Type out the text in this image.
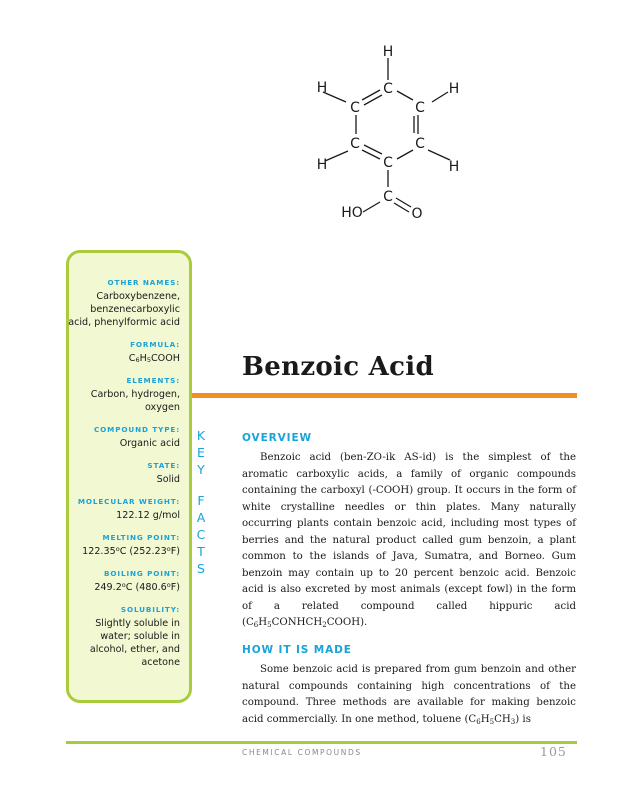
H
H	H
H	H
C
C	C
C	C
C
C
HO	O
OTHER NAMES:
Carboxybenzene, benzenecarboxylic acid, phenylformic acid
FORMULA:
$C_6H_5COOH$
ELEMENTS:
Carbon, hydrogen, oxygen
COMPOUND TYPE:
Organic acid
STATE:
Solid
MOLECULAR WEIGHT:
122.12 g/mol
MELTING POINT:
122.35$^o$C (252.23$^o$F)
BOILING POINT:
249.2$^o$C (480.6$^o$F)
SOLUBILITY:
Slightly soluble in water; soluble in alcohol, ether, and acetone
K
E
Y
F
A
C
T
S
Benzoic Acid
OVERVIEW

Benzoic acid (ben-ZO-ik AS-id) is the simplest of the aromatic carboxylic acids, a family of organic compounds containing the carboxyl (-COOH) group. It occurs in the form of white crystalline needles or thin plates. Many naturally occurring plants contain benzoic acid, including most types of berries and the natural product called gum benzoin, a plant common to the islands of Java, Sumatra, and Borneo. Gum benzoin may contain up to 20 percent benzoic acid. Benzoic acid is also excreted by most animals (except fowl) in the form of a related compound called hippuric acid $(C_6H_5CONHCH_2COOH)$.

HOW IT IS MADE

Some benzoic acid is prepared from gum benzoin and other natural compounds containing high concentrations of the compound. Three methods are available for making benzoic acid commercially. In one method, toluene $(C_6H_5CH_3)$ is

CHEMICAL COMPOUNDS	105
